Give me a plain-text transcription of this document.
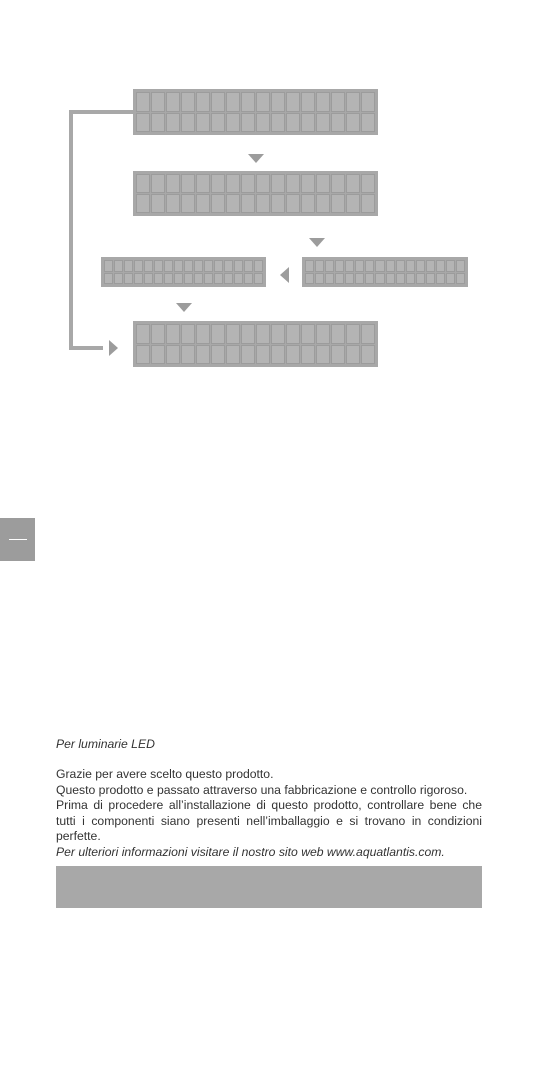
Per luminarie LED

Grazie per avere scelto questo prodotto.

Questo prodotto e passato attraverso una fabbricazione e controllo rigoroso.

Prima di procedere all’installazione di questo prodotto, controllare bene che tutti i componenti siano presenti nell’imballaggio e si trovano in condizioni perfette.

Per ulteriori informazioni visitare il nostro sito web www.aquatlantis.com.
